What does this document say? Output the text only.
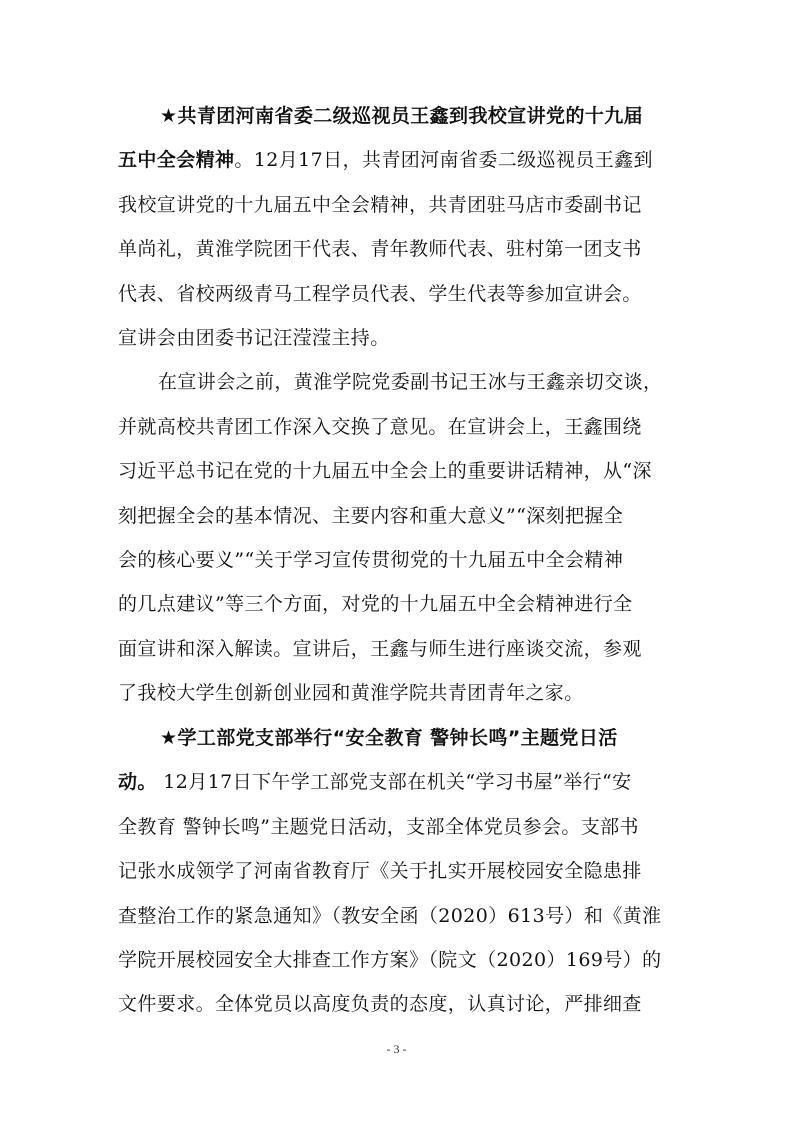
★共青团河南省委二级巡视员王鑫到我校宣讲党的十九届
五中全会精神。12月17日，共青团河南省委二级巡视员王鑫到
我校宣讲党的十九届五中全会精神，共青团驻马店市委副书记
单尚礼，黄淮学院团干代表、青年教师代表、驻村第一团支书
代表、省校两级青马工程学员代表、学生代表等参加宣讲会。
宣讲会由团委书记汪滢滢主持。
在宣讲会之前，黄淮学院党委副书记王冰与王鑫亲切交谈，
并就高校共青团工作深入交换了意见。在宣讲会上，王鑫围绕
习近平总书记在党的十九届五中全会上的重要讲话精神，从“深
刻把握全会的基本情况、主要内容和重大意义”“深刻把握全
会的核心要义”“关于学习宣传贯彻党的十九届五中全会精神
的几点建议”等三个方面，对党的十九届五中全会精神进行全
面宣讲和深入解读。宣讲后，王鑫与师生进行座谈交流，参观
了我校大学生创新创业园和黄淮学院共青团青年之家。
★学工部党支部举行“安全教育 警钟长鸣”主题党日活
动。 12月17日下午学工部党支部在机关“学习书屋”举行“安
全教育 警钟长鸣”主题党日活动，支部全体党员参会。支部书
记张水成领学了河南省教育厅《关于扎实开展校园安全隐患排
查整治工作的紧急通知》（教安全函（2020）613号）和《黄淮
学院开展校园安全大排查工作方案》（院文（2020）169号）的
文件要求。全体党员以高度负责的态度，认真讨论，严排细查
- 3 -
